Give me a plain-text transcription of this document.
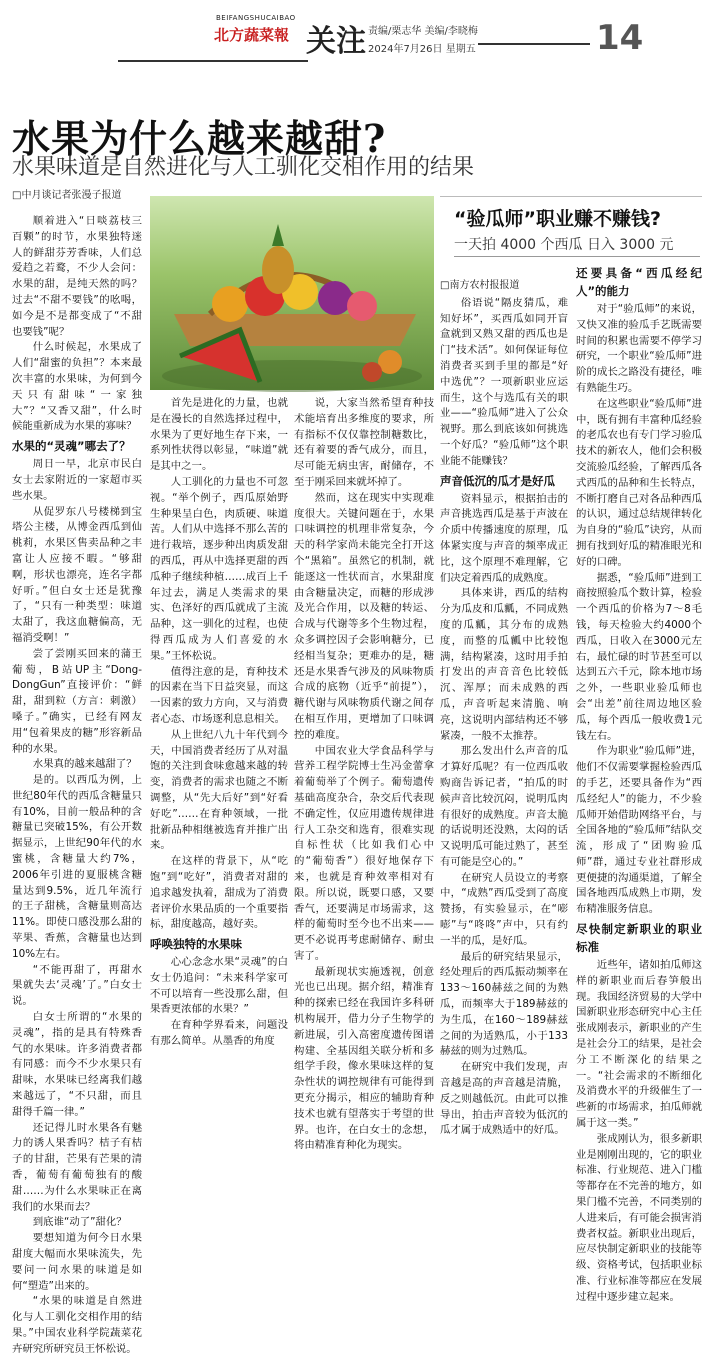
BEIFANGSHUCAIBAO
北方蔬菜報 关注 责编/栗志华 美编/李晓梅
2024年7月26日 星期五	14
水果为什么越来越甜?
水果味道是自然进化与人工驯化交相作用的结果
□中月谈记者张漫子报道

顺着进入“日啖荔枝三百颗”的时节，水果独特迷人的鲜甜芬芳香味，人们总爱趋之若鹜，不少人会问：水果的甜，是纯天然的吗？过去“不甜不要钱”的吆喝，如今是不是都变成了“不甜也要钱”呢？

什么时候起，水果成了人们“甜蜜的负担”？本来最次丰富的水果味，为何到今天只有甜味“一家独大”？“又香又甜”，什么时候能重新成为水果的寡味？

水果的“灵魂”哪去了？

周日一早，北京市民白女士去家附近的一家超市买些水果。

从促罗东八号楼梯到宝塔公主楼，从博金西瓜到仙桃莉，水果区售卖品种之丰富让人应接不暇。“够甜啊，形状也漂亮，连名字都好听。”但白女士还是犹豫了，“只有一种类型：味道太甜了，我这血糖偏高，无福消受啊！”

尝了尝刚买回来的蒲王葡萄，B站UP主“Dong-DongGun”直接评价：“鲜甜，甜到粒（方言：刺激）嗓子。”确实，已经有网友用“包着果皮的糖”形容新品种的水果。

水果真的越来越甜了？

是的。以西瓜为例，上世纪80年代的西瓜含糖量只有10%，目前一般品种的含糖量已突破15%，有公开数据显示，上世纪90年代的水蜜桃，含糖量大约7%，2006年引进的夏服桃含糖量达到9.5%，近几年流行的王子甜桃，含糖量则高达11%。即使口感没那么甜的苹果、香蕉，含糖量也达到10%左右。

“不能再甜了，再甜水果就失去‘灵魂’了。”白女士说。

白女士所谓的“水果的灵魂”，指的是具有特殊香气的水果味。许多消费者都有同感：而今不少水果只有甜味，水果味已经离我们越来越远了，“不只甜，而且甜得千篇一律。”

还记得儿时水果各有魅力的诱人果香吗？桔子有桔子的甘甜，芒果有芒果的清香，葡萄有葡萄独有的酸甜……为什么水果味正在离我们的水果而去？

到底谁“动了”甜化？

要想知道为何今日水果甜度大幅而水果味流失，先要问一问水果的味道是如何“塑造”出来的。

“水果的味道是自然进化与人工驯化交相作用的结果。”中国农业科学院蔬菜花卉研究所研究员王怀松说。

首先是进化的力量，也就是在漫长的自然选择过程中，水果为了更好地生存下来，一系列性状得以彰显，“味道”就是其中之一。

人工驯化的力量也不可忽视。“举个例子，西瓜原始野生种果呈白色，肉质硬、味道苦。人们从中选择不那么苦的进行栽培，逐步种出肉质发甜的西瓜，再从中选择更甜的西瓜种子继续种植……成百上千年过去，满足人类需求的果实、色泽好的西瓜就成了主流品种，这一驯化的过程，也使得西瓜成为人们喜爱的水果。”王怀松说。

值得注意的是，育种技术的因素在当下日益突显，而这一因素的致力方向，又与消费者心态、市场逐利息息相关。

从上世纪八九十年代到今天，中国消费者经历了从对温饱的关注到食味愈越来越的转变，消费者的需求也随之不断调整，从“先大后好”到“好看好吃”……在育种领域，一批批新品种相继被选育并推广出来。

在这样的背景下，从“吃饱”到“吃好”，消费者对甜的追求越发执着，甜成为了消费者评价水果品质的一个重要指标，甜度越高，越好卖。

呼唤独特的水果味

心心念念水果“灵魂”的白女士仍追问：“未来科学家可不可以培育一些没那么甜，但果香更浓郁的水果？”

在育种学界看来，问题没有那么简单。从墨香的角度

说，大家当然希望育种技术能培育出多维度的要求，所有指标不仅仅靠控制糖数比，还有着要的香气成分，而且，尽可能无病虫害，耐储存，不至于刚采回来就坏掉了。

然而，这在现实中实现难度很大。关键问题在于，水果口味调控的机理非常复杂，今天的科学家尚未能完全打开这个“黑箱”。虽然它的机制，就能逐这一性状而言，水果甜度由含糖量决定，而糖的形成涉及光合作用，以及糖的转运、合成与代谢等多个生物过程，众多调控因子会影响糖分，已经相当复杂；更难办的是，糖还是水果香气涉及的风味物质合成的底物（近乎“前提”），糖代谢与风味物质代谢之间存在相互作用，更增加了口味调控的难度。

中国农业大学食品科学与营养工程学院博士生冯金蕾拿着葡萄举了个例子。葡萄遗传基础高度杂合，杂交后代表现不确定性，仅应用遗传规律进行人工杂交和选育，很难实现自标性状（比如我们心中的“葡萄香”）很好地保存下来，也就是育种效率相对有限。所以说，既要口感，又要香气，还要满足市场需求，这样的葡萄时至今也不出来——更不必说再考虑耐储存、耐虫害了。

最新现状实施透视，创意光也已出现。据介绍，精准育种的探索已经在我国许多科研机构展开，借力分子生物学的新进展，引入高密度遗传图谱构建、全基因组关联分析和多组学手段，像水果味这样的复杂性状的调控规律有可能得到更充分揭示，相应的辅助育种技术也就有望落实于考望的世界。也许，在白女士的念想，将由精准育种化为现实。

“验瓜师”职业赚不赚钱?
一天拍 4000 个西瓜 日入 3000 元

□南方农村报报道

俗语说“隔皮猜瓜，难知好坏”，买西瓜如同开盲盒就到又熟又甜的西瓜也是门“技术活”。如何保证每位消费者买到手里的都是“好中选优”？一项新职业应运而生，这个与选瓜有关的职业——“验瓜师”进入了公众视野。那么到底该如何挑选一个好瓜？“验瓜师”这个职业能不能赚钱？

声音低沉的瓜才是好瓜

资料显示，根据拍击的声音挑选西瓜是基于声波在介质中传播速度的原理，瓜体紧实度与声音的频率成正比，这个原理不难理解，它们决定着西瓜的成熟度。

具体来讲，西瓜的结构分为瓜皮和瓜瓤，不同成熟度的瓜瓤，其分布的成熟度，而整的瓜瓤中比较饱满，结构紧凑，这时用手拍打发出的声音音色比较低沉、浑厚；而未成熟的西瓜，声音听起来清脆、响亮，这说明内部结构还不够紧凑，一般不太推荐。

那么发出什么声音的瓜才算好瓜呢？有一位西瓜收购商告诉记者，“拍瓜的时候声音比较沉闷，说明瓜肉有很好的成熟度。声音太脆的话说明还没熟，太闷的话又说明瓜可能过熟了，甚至有可能是空心的。”

在研究人员设立的考察中，“成熟”西瓜受到了高度赞扬，有实验显示，在“嘭嘭”与“咚咚”声中，只有约一半的瓜，是好瓜。

最后的研究结果显示，经处理后的西瓜振动频率在133～160赫兹之间的为熟瓜，而频率大于189赫兹的为生瓜，在160～189赫兹之间的为适熟瓜，小于133赫兹的则为过熟瓜。

在研究中我们发现，声音越是高的声音越是清脆，反之则越低沉。由此可以推导出，拍击声音较为低沉的瓜才属于成熟适中的好瓜。

还要具备“西瓜经纪人”的能力

对于“验瓜师”的来说，又快又准的验瓜手艺既需要时间的积累也需要不停学习研究，一个职业“验瓜师”进阶的成长之路没有捷径，唯有熟能生巧。

在这些职业“验瓜师”进中，既有拥有丰富种瓜经验的老瓜农也有专门学习验瓜技术的新农人，他们会积极交流验瓜经验，了解西瓜各式西瓜的品种和生长特点，不断打磨自己对各品种西瓜的认识，通过总结规律转化为自身的“验瓜”诀窍，从而拥有找到好瓜的精准眼光和好的口碑。

据悉，“验瓜师”进到工商按照验瓜个数计算，检验一个西瓜的价格为7～8毛钱，每天检验大约4000个西瓜，日收入在3000元左右，最忙碌的时节甚至可以达到五六千元，除本地市场之外，一些职业验瓜师也会“出差”前往周边地区验瓜，每个西瓜一般收费1元钱左右。

作为职业“验瓜师”进，他们不仅需要掌握检验西瓜的手艺，还要具备作为“西瓜经纪人”的能力，不少验瓜师开始借助网络平台，与全国各地的“验瓜师”结队交流，形成了“团购验瓜师”群，通过专业社群形成更便捷的沟通渠道，了解全国各地西瓜成熟上市期，发布精准服务信息。

尽快制定新职业的职业标准

近些年，诸如拍瓜师这样的新职业而后春笋般出现。我国经济贸易的大学中国新职业形态研究中心主任张成刚表示，新职业的产生是社会分工的结果，是社会分工不断深化的结果之一。“社会需求的不断细化及消费水平的升级催生了一些新的市场需求，拍瓜师就属于这一类。”

张成刚认为，很多新职业是刚刚出现的，它的职业标准、行业规范、进入门槛等都存在不完善的地方，如果门槛不完善，不同类别的人进来后，有可能会损害消费者权益。新职业出现后，应尽快制定新职业的技能等级、资格考试，包括职业标准、行业标准等都应在发展过程中逐步建立起来。
